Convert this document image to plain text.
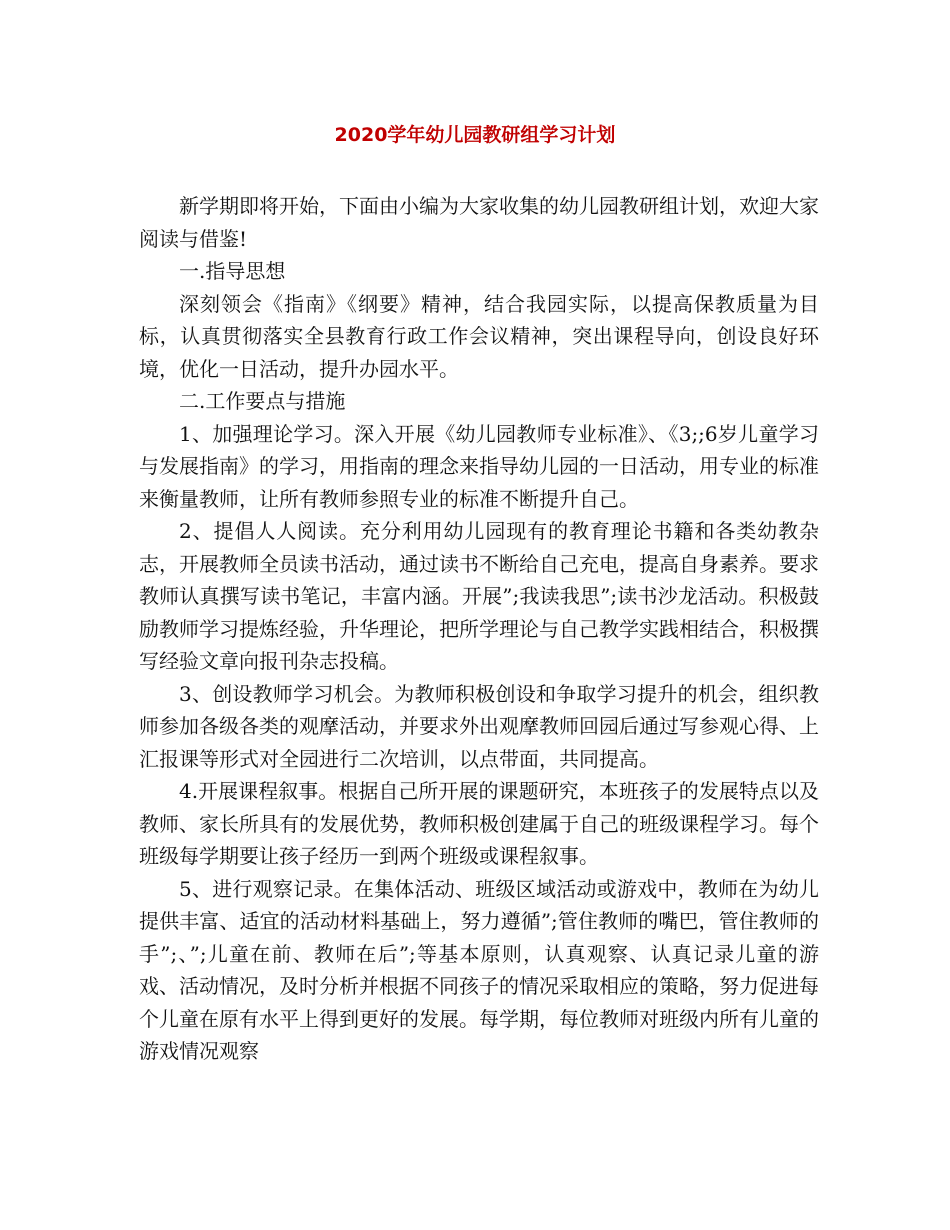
2020学年幼儿园教研组学习计划

新学期即将开始，下面由小编为大家收集的幼儿园教研组计划，欢迎大家阅读与借鉴!

一.指导思想

深刻领会《指南》《纲要》精神，结合我园实际，以提高保教质量为目标，认真贯彻落实全县教育行政工作会议精神，突出课程导向，创设良好环境，优化一日活动，提升办园水平。

二.工作要点与措施

1、加强理论学习。深入开展《幼儿园教师专业标准》、《3;;6岁儿童学习与发展指南》的学习，用指南的理念来指导幼儿园的一日活动，用专业的标准来衡量教师，让所有教师参照专业的标准不断提升自己。

2、提倡人人阅读。充分利用幼儿园现有的教育理论书籍和各类幼教杂志，开展教师全员读书活动，通过读书不断给自己充电，提高自身素养。要求教师认真撰写读书笔记，丰富内涵。开展”;我读我思”;读书沙龙活动。积极鼓励教师学习提炼经验，升华理论，把所学理论与自己教学实践相结合，积极撰写经验文章向报刊杂志投稿。

3、创设教师学习机会。为教师积极创设和争取学习提升的机会，组织教师参加各级各类的观摩活动，并要求外出观摩教师回园后通过写参观心得、上汇报课等形式对全园进行二次培训，以点带面，共同提高。

4.开展课程叙事。根据自己所开展的课题研究，本班孩子的发展特点以及教师、家长所具有的发展优势，教师积极创建属于自己的班级课程学习。每个班级每学期要让孩子经历一到两个班级或课程叙事。

5、进行观察记录。在集体活动、班级区域活动或游戏中，教师在为幼儿提供丰富、适宜的活动材料基础上，努力遵循”;管住教师的嘴巴，管住教师的手”;、”;儿童在前、教师在后”;等基本原则，认真观察、认真记录儿童的游戏、活动情况，及时分析并根据不同孩子的情况采取相应的策略，努力促进每个儿童在原有水平上得到更好的发展。每学期，每位教师对班级内所有儿童的游戏情况观察
